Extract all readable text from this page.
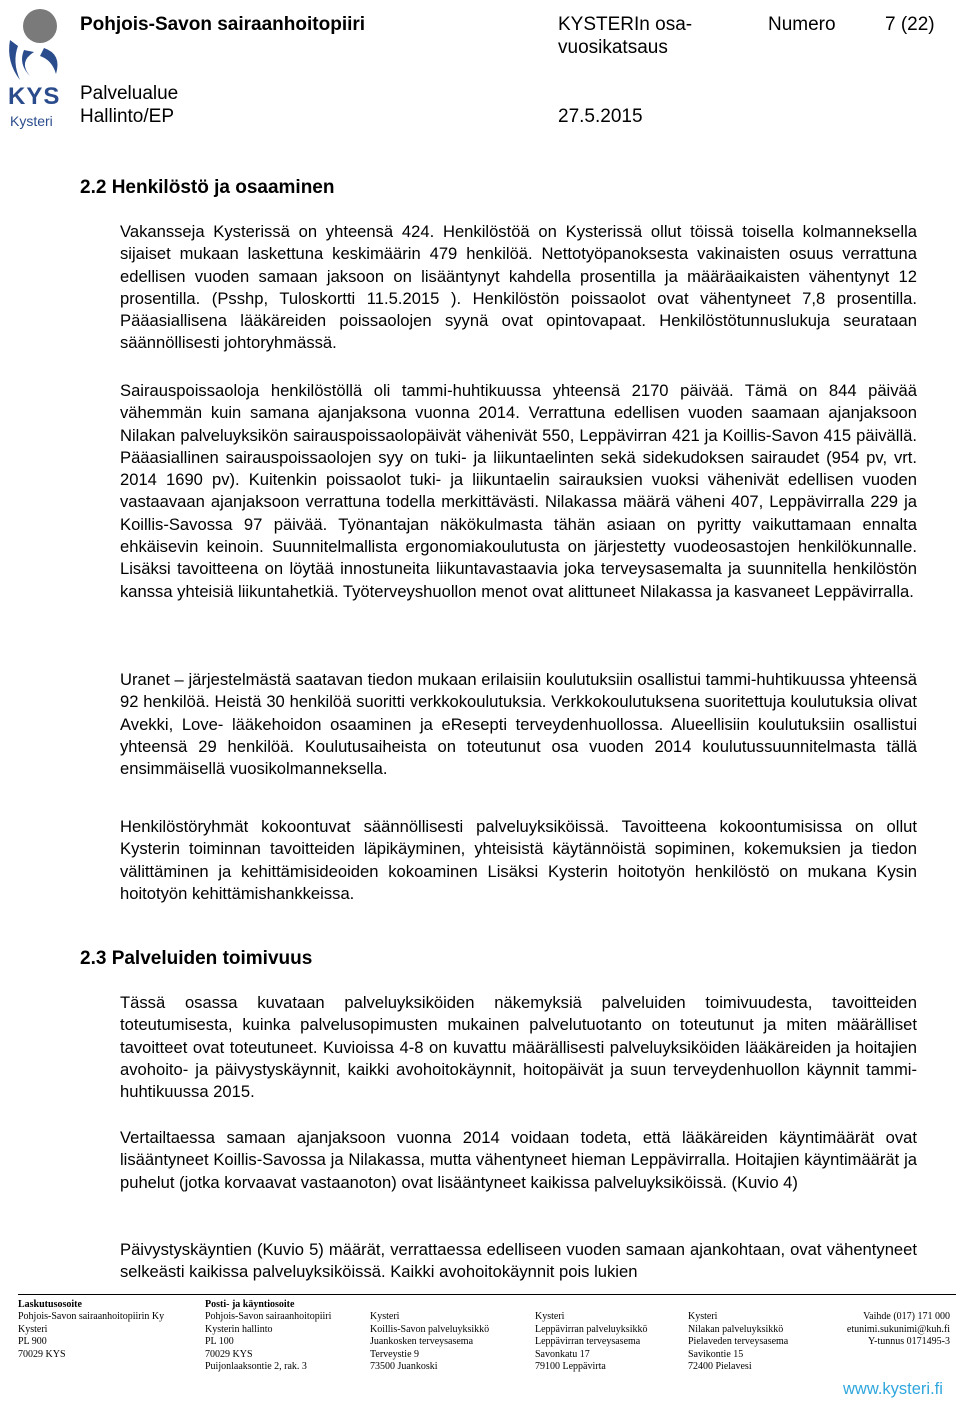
KYS
Kysteri
Pohjois-Savon sairaanhoitopiiri	KYSTERIn osa-
vuosikatsaus
Numero	7 (22)
Palvelualue
Hallinto/EP	27.5.2015
2.2 Henkilöstö ja osaaminen

Vakansseja Kysterissä on yhteensä 424. Henkilöstöä on Kysterissä ollut töissä toisella kolmanneksella sijaiset mukaan laskettuna keskimäärin 479 henkilöä. Nettotyöpanoksesta vakinaisten osuus verrattuna edellisen vuoden samaan jaksoon on lisääntynyt kahdella prosentilla ja määräaikaisten vähentynyt 12 prosentilla. (Psshp, Tuloskortti 11.5.2015 ). Henkilöstön poissaolot ovat vähentyneet 7,8 prosentilla. Pääasiallisena lääkäreiden poissaolojen syynä ovat opintovapaat. Henkilöstötunnuslukuja seurataan säännöllisesti johtoryhmässä.

Sairauspoissaoloja henkilöstöllä oli tammi-huhtikuussa yhteensä 2170 päivää. Tämä on 844 päivää vähemmän kuin samana ajanjaksona vuonna 2014. Verrattuna edellisen vuoden saamaan ajanjaksoon Nilakan palveluyksikön sairauspoissaolopäivät vähenivät 550, Leppävirran 421 ja Koillis-Savon 415 päivällä. Pääasiallinen sairauspoissaolojen syy on tuki- ja liikuntaelinten sekä sidekudoksen sairaudet (954 pv, vrt. 2014 1690 pv). Kuitenkin poissaolot tuki- ja liikuntaelin sairauksien vuoksi vähenivät edellisen vuoden vastaavaan ajanjaksoon verrattuna todella merkittävästi. Nilakassa määrä väheni 407, Leppävirralla 229 ja Koillis-Savossa 97 päivää. Työnantajan näkökulmasta tähän asiaan on pyritty vaikuttamaan ennalta ehkäisevin keinoin. Suunnitelmallista ergonomiakoulutusta on järjestetty vuodeosastojen henkilökunnalle. Lisäksi tavoitteena on löytää innostuneita liikuntavastaavia joka terveysasemalta ja suunnitella henkilöstön kanssa yhteisiä liikuntahetkiä. Työterveyshuollon menot ovat alittuneet Nilakassa ja kasvaneet Leppävirralla.

Uranet – järjestelmästä saatavan tiedon mukaan erilaisiin koulutuksiin osallistui tammi-huhtikuussa yhteensä 92 henkilöä. Heistä 30 henkilöä suoritti verkkokoulutuksia. Verkkokoulutuksena suoritettuja koulutuksia olivat Avekki, Love- lääkehoidon osaaminen ja eResepti terveydenhuollossa. Alueellisiin koulutuksiin osallistui yhteensä 29 henkilöä. Koulutusaiheista on toteutunut osa vuoden 2014 koulutussuunnitelmasta tällä ensimmäisellä vuosikolmanneksella.

Henkilöstöryhmät kokoontuvat säännöllisesti palveluyksiköissä. Tavoitteena kokoontumisissa on ollut Kysterin toiminnan tavoitteiden läpikäyminen, yhteisistä käytännöistä sopiminen, kokemuksien ja tiedon välittäminen ja kehittämisideoiden kokoaminen Lisäksi Kysterin hoitotyön henkilöstö on mukana Kysin hoitotyön kehittämishankkeissa.

2.3 Palveluiden toimivuus

Tässä osassa kuvataan palveluyksiköiden näkemyksiä palveluiden toimivuudesta, tavoitteiden toteutumisesta, kuinka palvelusopimusten mukainen palvelutuotanto on toteutunut ja miten määrälliset tavoitteet ovat toteutuneet. Kuvioissa 4-8 on kuvattu määrällisesti palveluyksiköiden lääkäreiden ja hoitajien avohoito- ja päivystyskäynnit, kaikki avohoitokäynnit, hoitopäivät ja suun terveydenhuollon käynnit tammi-huhtikuussa 2015.

Vertailtaessa samaan ajanjaksoon vuonna 2014 voidaan todeta, että lääkäreiden käyntimäärät ovat lisääntyneet Koillis-Savossa ja Nilakassa, mutta vähentyneet hieman Leppävirralla. Hoitajien käyntimäärät ja puhelut (jotka korvaavat vastaanoton) ovat lisääntyneet kaikissa palveluyksiköissä. (Kuvio 4)

Päivystyskäyntien (Kuvio 5) määrät, verrattaessa edelliseen vuoden samaan ajankohtaan, ovat vähentyneet selkeästi kaikissa palveluyksiköissä. Kaikki avohoitokäynnit pois lukien

Laskutusosoite
Pohjois-Savon sairaanhoitopiirin Ky
Kysteri
PL 900
70029 KYS
Posti- ja käyntiosoite
Pohjois-Savon sairaanhoitopiiri
Kysterin hallinto
PL 100
70029 KYS
Puijonlaaksontie 2, rak. 3
Kysteri
Koillis-Savon palveluyksikkö
Juankosken terveysasema
Terveystie 9
73500 Juankoski
Kysteri
Leppävirran palveluyksikkö
Leppävirran terveysasema
Savonkatu 17
79100 Leppävirta
Kysteri
Nilakan palveluyksikkö
Pielaveden terveysasema
Savikontie 15
72400 Pielavesi
Vaihde (017) 171 000
etunimi.sukunimi@kuh.fi
Y-tunnus 0171495-3
www.kysteri.fi
